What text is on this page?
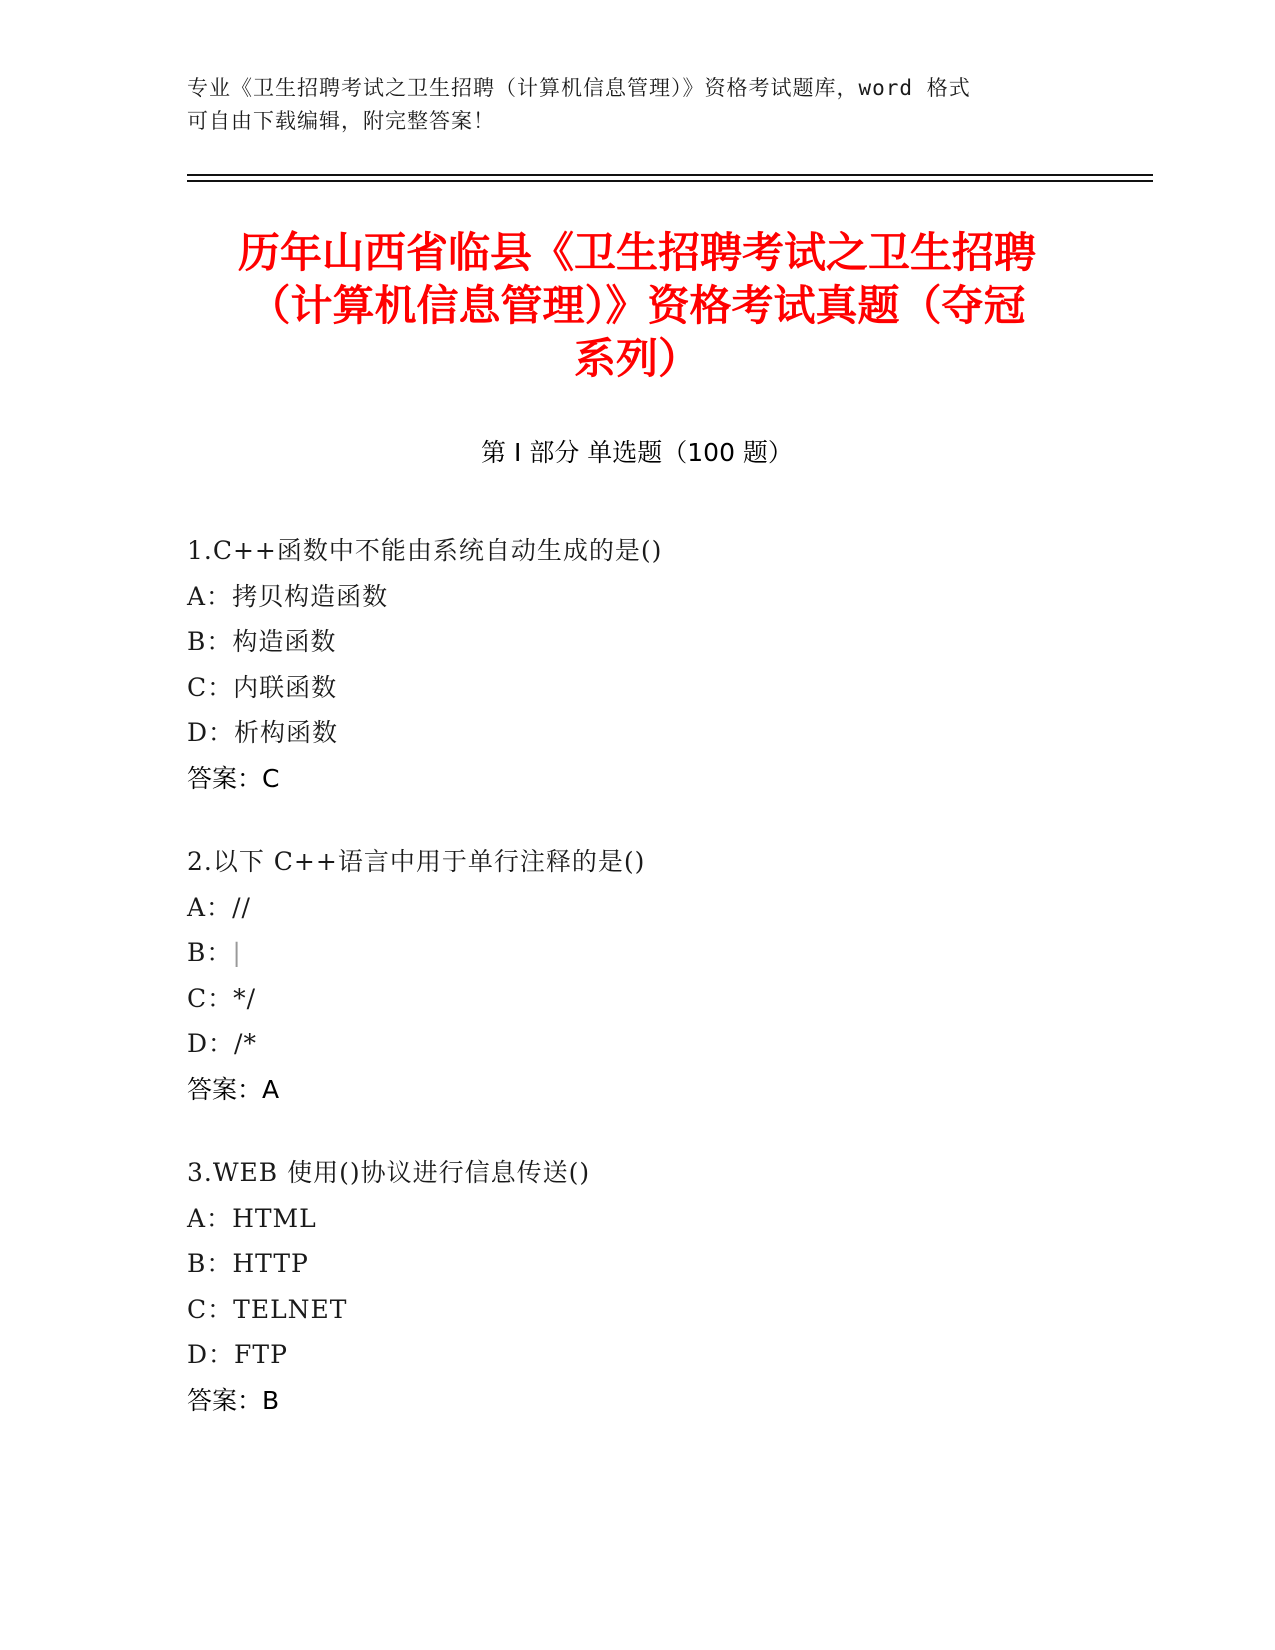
专业《卫生招聘考试之卫生招聘（计算机信息管理）》资格考试题库，word 格式
可自由下载编辑，附完整答案！
历年山西省临县《卫生招聘考试之卫生招聘
（计算机信息管理）》资格考试真题（夺冠
系列）
第 I 部分 单选题（100 题）
1.C++函数中不能由系统自动生成的是()
A：拷贝构造函数
B：构造函数
C：内联函数
D：析构函数
答案：C
2.以下 C++语言中用于单行注释的是()
A：//
B：|
C：*/
D：/*
答案：A
3.WEB 使用()协议进行信息传送()
A：HTML
B：HTTP
C：TELNET
D：FTP
答案：B
